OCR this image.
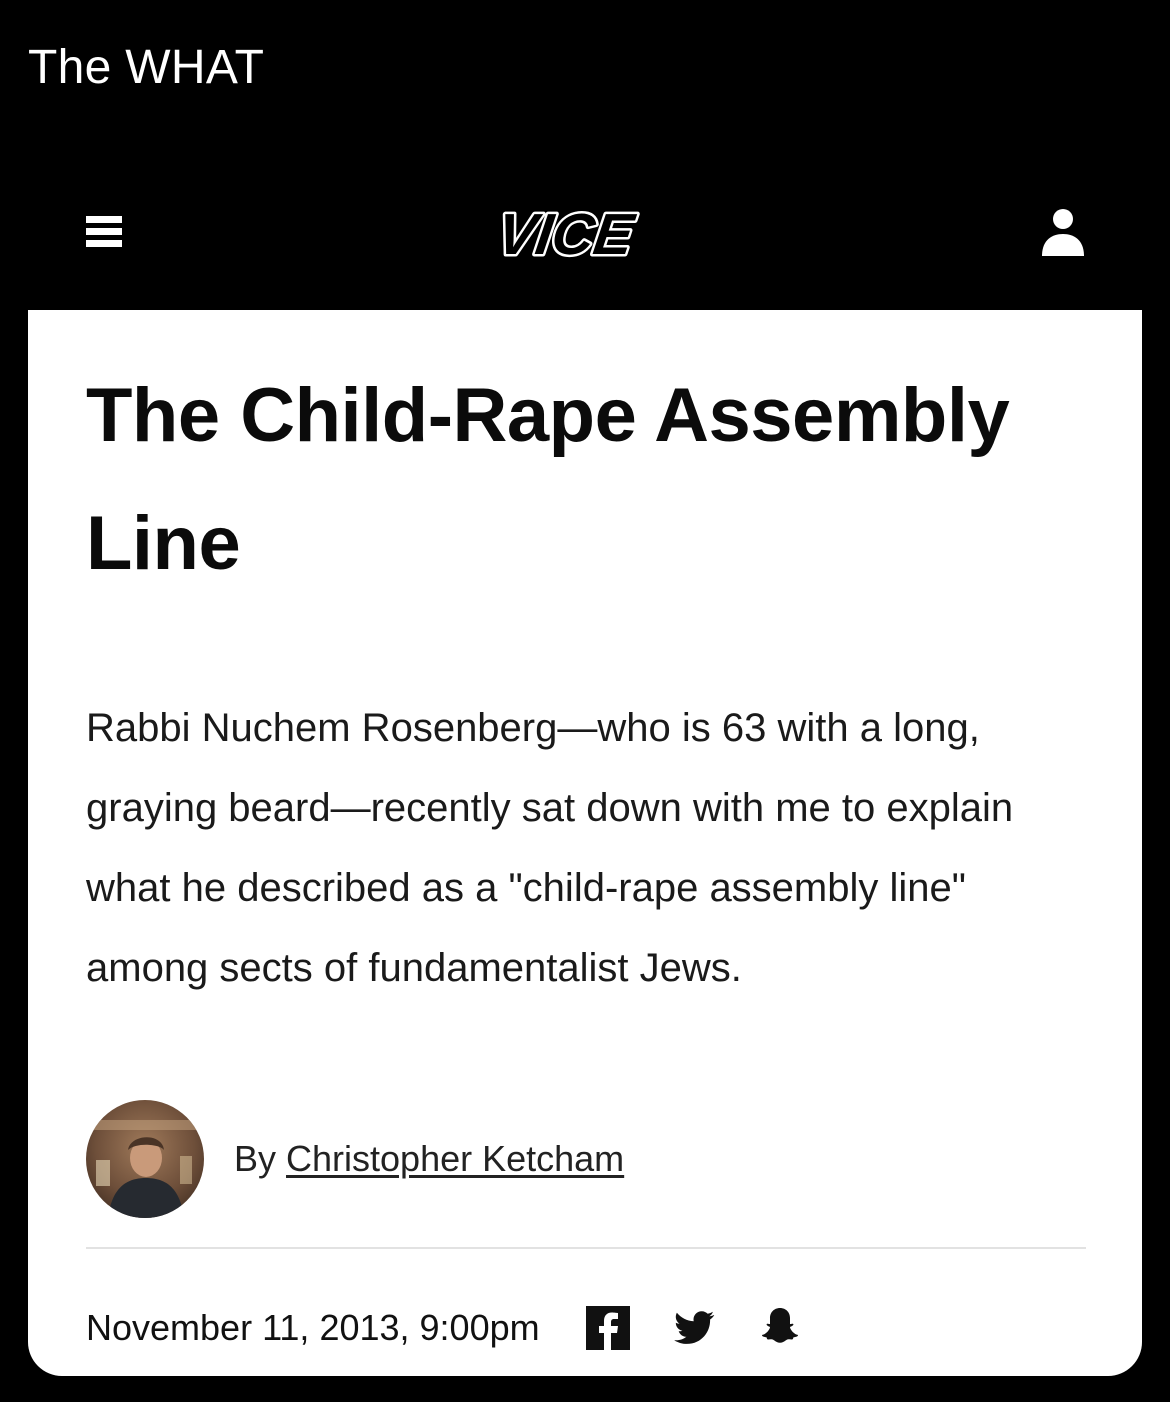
The WHAT
VICE
The Child-Rape Assembly Line

Rabbi Nuchem Rosenberg—who is 63 with a long, graying beard—recently sat down with me to explain what he described as a "child-rape assembly line" among sects of fundamentalist Jews.

By Christopher Ketcham
November 11, 2013, 9:00pm
